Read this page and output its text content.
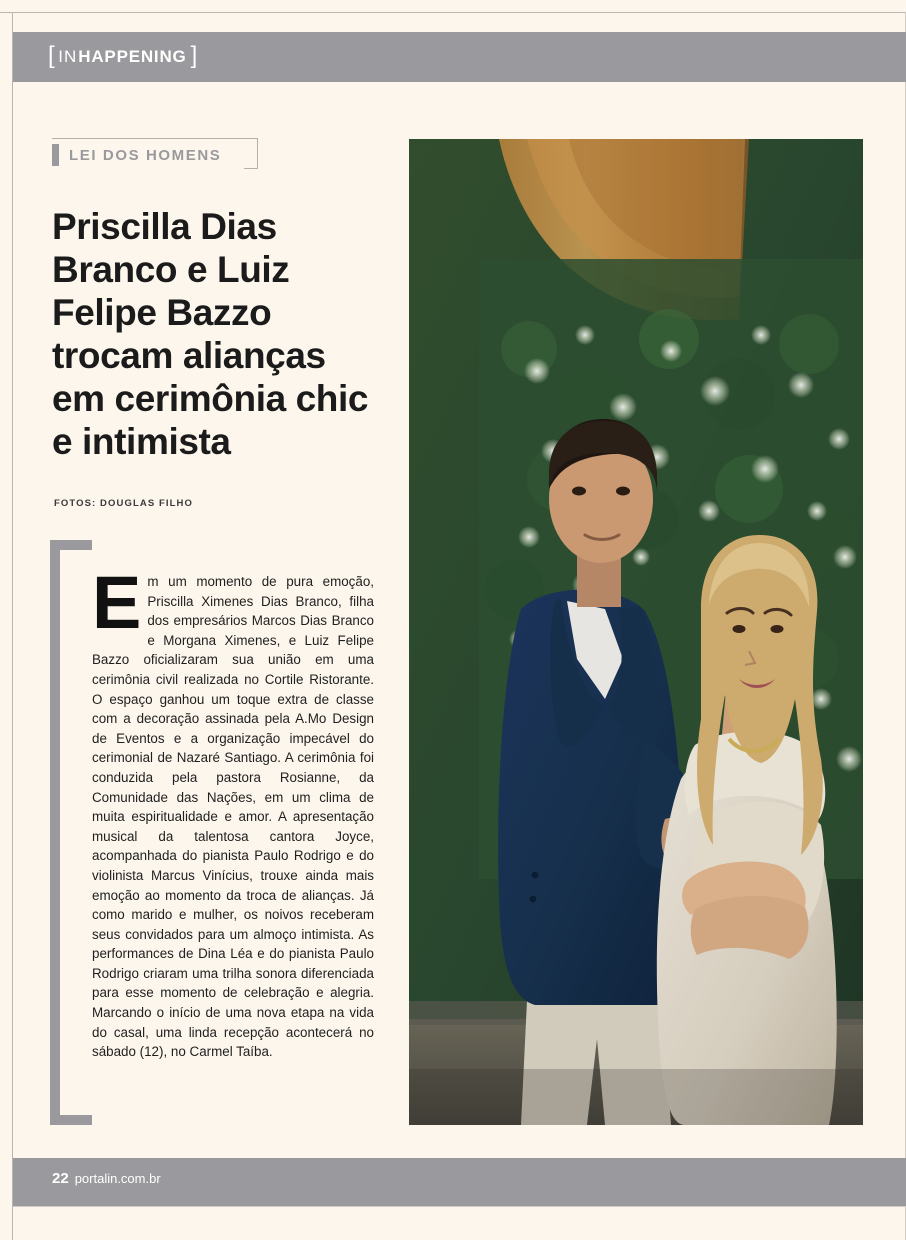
[ IN HAPPENING ]
LEI DOS HOMENS
Priscilla Dias Branco e Luiz Felipe Bazzo trocam alianças em cerimônia chic e intimista
FOTOS: DOUGLAS FILHO
Em um momento de pura emoção, Priscilla Ximenes Dias Branco, filha dos empresários Marcos Dias Branco e Morgana Ximenes, e Luiz Felipe Bazzo oficializaram sua união em uma cerimônia civil realizada no Cortile Ristorante. O espaço ganhou um toque extra de classe com a decoração assinada pela A.Mo Design de Eventos e a organização impecável do cerimonial de Nazaré Santiago. A cerimônia foi conduzida pela pastora Rosianne, da Comunidade das Nações, em um clima de muita espiritualidade e amor. A apresentação musical da talentosa cantora Joyce, acompanhada do pianista Paulo Rodrigo e do violinista Marcus Vinícius, trouxe ainda mais emoção ao momento da troca de alianças. Já como marido e mulher, os noivos receberam seus convidados para um almoço intimista. As performances de Dina Léa e do pianista Paulo Rodrigo criaram uma trilha sonora diferenciada para esse momento de celebração e alegria. Marcando o início de uma nova etapa na vida do casal, uma linda recepção acontecerá no sábado (12), no Carmel Taíba.
22 portalin.com.br
